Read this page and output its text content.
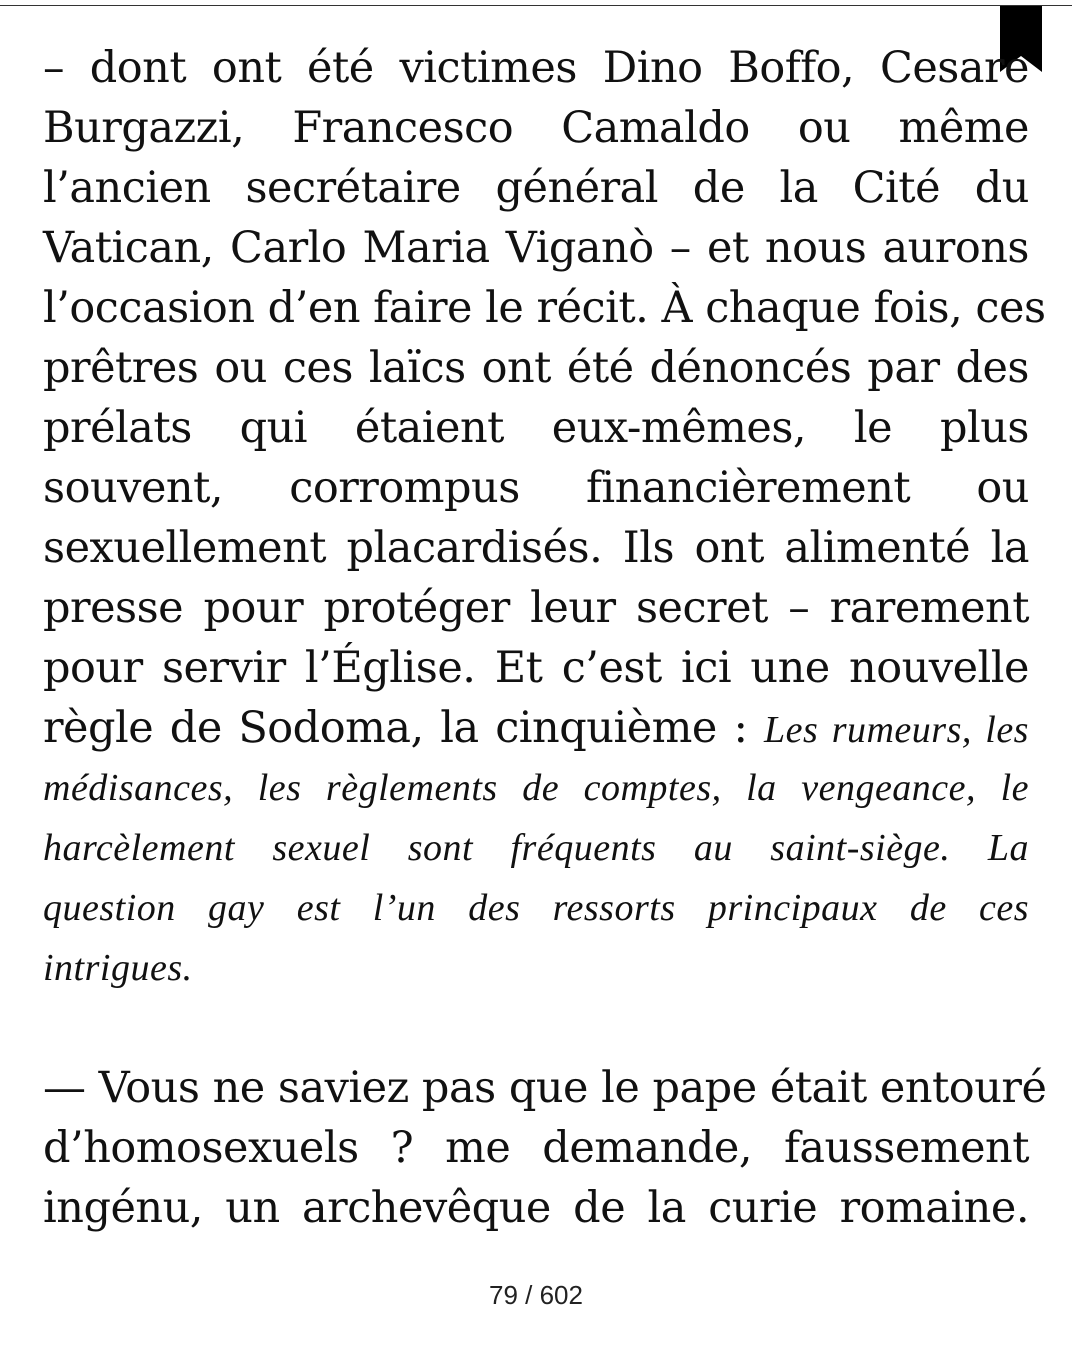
– dont ont été victimes Dino Boffo, Cesare
Burgazzi, Francesco Camaldo ou même
l’ancien secrétaire général de la Cité du
Vatican, Carlo Maria Viganò – et nous aurons
l’occasion d’en faire le récit. À chaque fois, ces
prêtres ou ces laïcs ont été dénoncés par des
prélats qui étaient eux-mêmes, le plus
souvent, corrompus financièrement ou
sexuellement placardisés. Ils ont alimenté la
presse pour protéger leur secret – rarement
pour servir l’Église. Et c’est ici une nouvelle
règle de Sodoma, la cinquième : Les rumeurs, les
médisances, les règlements de comptes, la vengeance, le
harcèlement sexuel sont fréquents au saint-siège. La
question gay est l’un des ressorts principaux de ces
intrigues.
— Vous ne saviez pas que le pape était entouré
d’homosexuels ? me demande, faussement
ingénu, un archevêque de la curie romaine.
79 / 602
